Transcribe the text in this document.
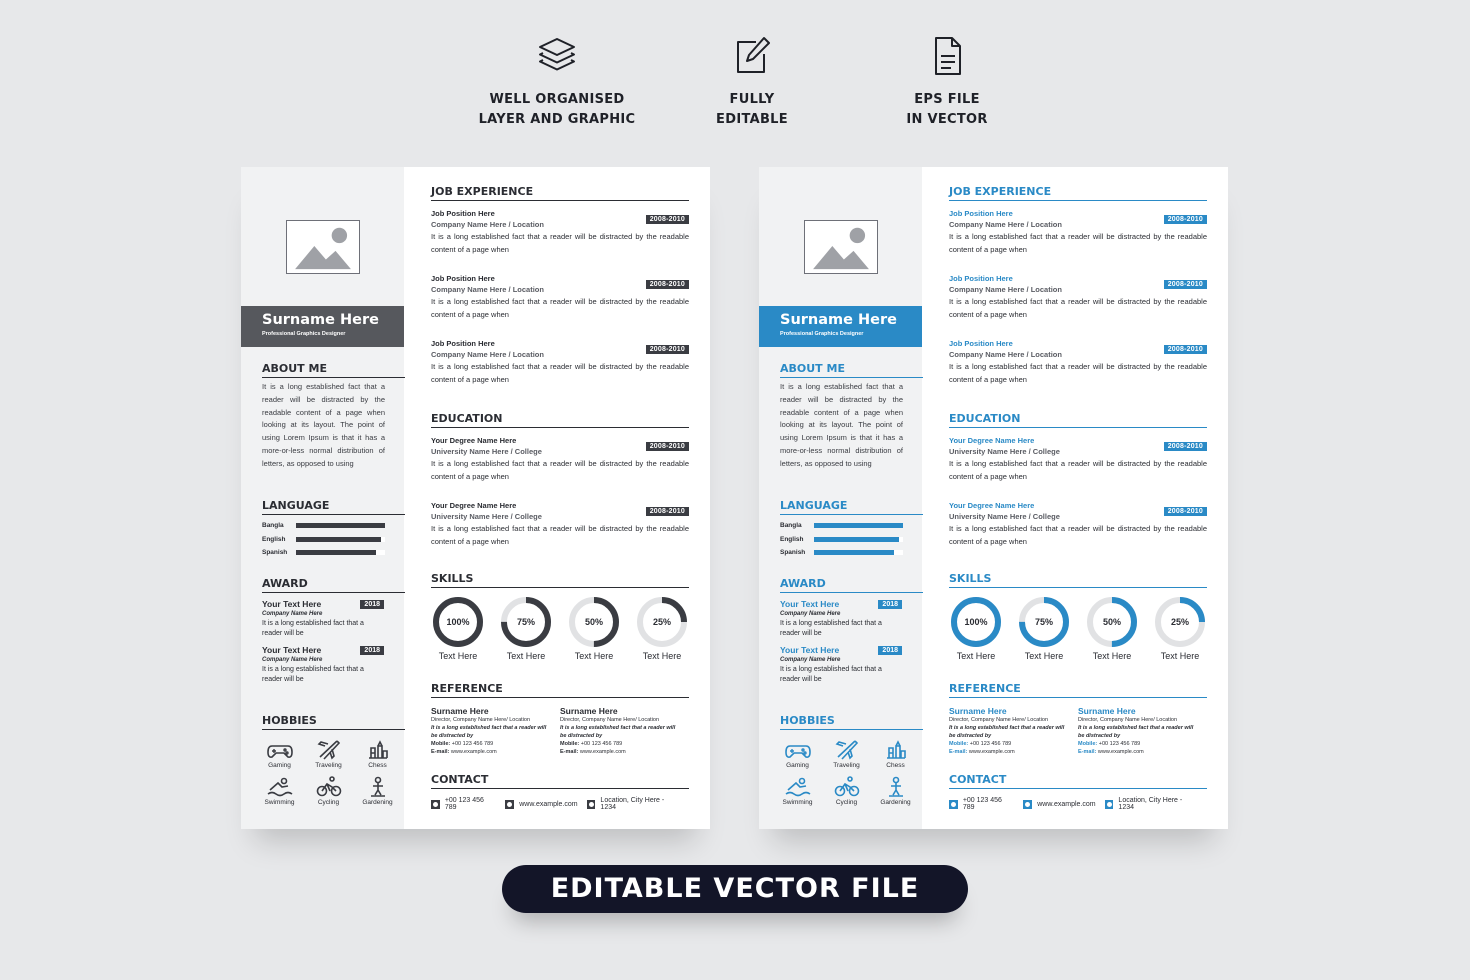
WELL ORGANISED
LAYER AND GRAPHIC
FULLY
EDITABLE
EPS FILE
IN VECTOR
Surname Here
Professional Graphics Designer
ABOUT ME
It is a long established fact that a reader will be distracted by the readable content of a page when looking at its layout. The point of using Lorem Ipsum is that it has a more-or-less normal distribution of letters, as opposed to using
LANGUAGE
Bangla
English
Spanish
AWARD
Your Text Here	2018
Company Name Here
It is a long established fact that a reader will be
Your Text Here	2018
Company Name Here
It is a long established fact that a reader will be
HOBBIES
Gaming	Traveling	Chess
Swimming	Cycling	Gardening
JOB EXPERIENCE
Job Position Here
Company Name Here / Location
2008-2010
It is a long established fact that a reader will be distracted by the readable content of a page when
Job Position Here
Company Name Here / Location
2008-2010
It is a long established fact that a reader will be distracted by the readable content of a page when
Job Position Here
Company Name Here / Location
2008-2010
It is a long established fact that a reader will be distracted by the readable content of a page when
EDUCATION
Your Degree Name Here
University Name Here / College
2008-2010
It is a long established fact that a reader will be distracted by the readable content of a page when
Your Degree Name Here
University Name Here / College
2008-2010
It is a long established fact that a reader will be distracted by the readable content of a page when
SKILLS
100%
Text Here
75%
Text Here
50%
Text Here
25%
Text Here
REFERENCE
Surname Here
Director, Company Name Here/ Location
It is a long established fact that a reader will be distracted by
Mobile: +00 123 456 789
E-mail: www.example.com
Surname Here
Director, Company Name Here/ Location
It is a long established fact that a reader will be distracted by
Mobile: +00 123 456 789
E-mail: www.example.com
CONTACT
+00 123 456 789	www.example.com	Location, City Here - 1234
Surname Here
Professional Graphics Designer
ABOUT ME
It is a long established fact that a reader will be distracted by the readable content of a page when looking at its layout. The point of using Lorem Ipsum is that it has a more-or-less normal distribution of letters, as opposed to using
LANGUAGE
Bangla
English
Spanish
AWARD
Your Text Here	2018
Company Name Here
It is a long established fact that a reader will be
Your Text Here	2018
Company Name Here
It is a long established fact that a reader will be
HOBBIES
Gaming	Traveling	Chess
Swimming	Cycling	Gardening
JOB EXPERIENCE
Job Position Here
Company Name Here / Location
2008-2010
It is a long established fact that a reader will be distracted by the readable content of a page when
Job Position Here
Company Name Here / Location
2008-2010
It is a long established fact that a reader will be distracted by the readable content of a page when
Job Position Here
Company Name Here / Location
2008-2010
It is a long established fact that a reader will be distracted by the readable content of a page when
EDUCATION
Your Degree Name Here
University Name Here / College
2008-2010
It is a long established fact that a reader will be distracted by the readable content of a page when
Your Degree Name Here
University Name Here / College
2008-2010
It is a long established fact that a reader will be distracted by the readable content of a page when
SKILLS
100%
Text Here
75%
Text Here
50%
Text Here
25%
Text Here
REFERENCE
Surname Here
Director, Company Name Here/ Location
It is a long established fact that a reader will be distracted by
Mobile: +00 123 456 789
E-mail: www.example.com
Surname Here
Director, Company Name Here/ Location
It is a long established fact that a reader will be distracted by
Mobile: +00 123 456 789
E-mail: www.example.com
CONTACT
+00 123 456 789	www.example.com	Location, City Here - 1234
EDITABLE VECTOR FILE
